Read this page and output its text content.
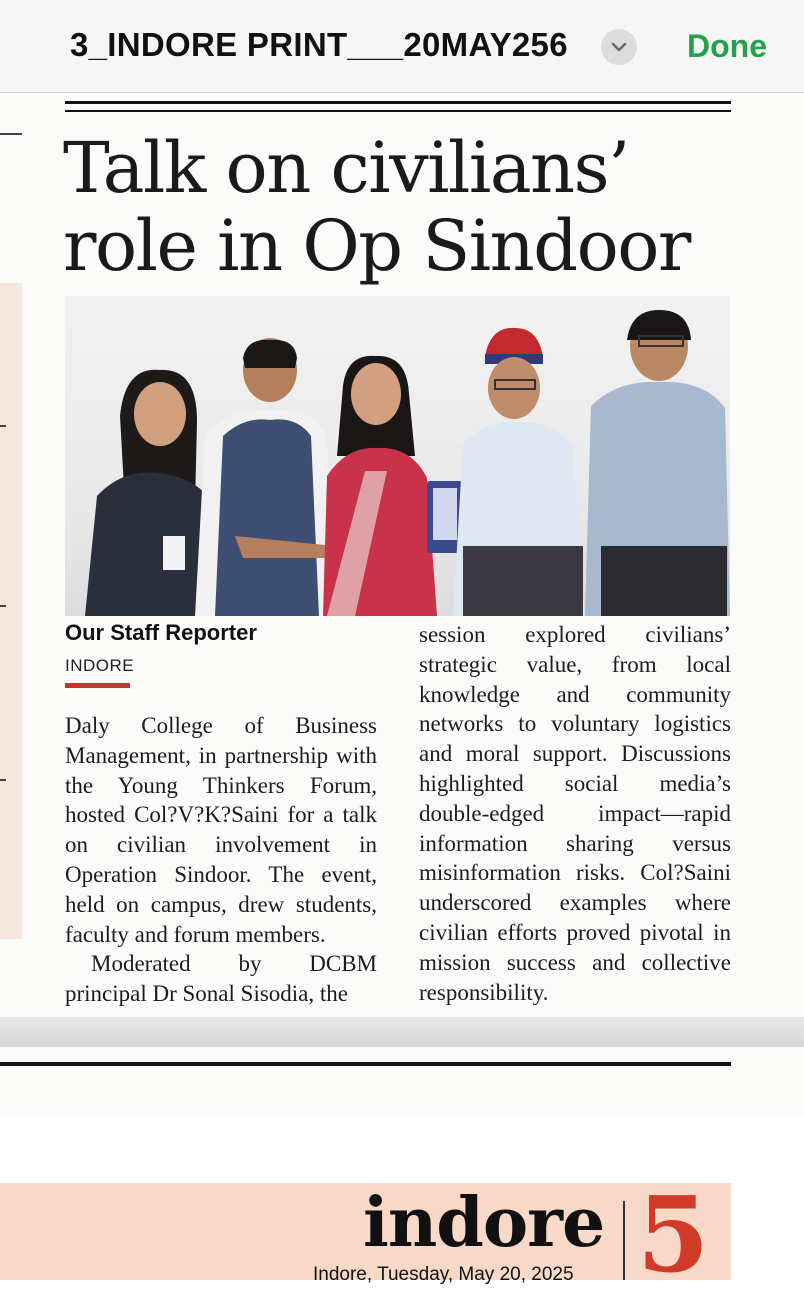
3_INDORE PRINT___20MAY256	Done
Talk on civilians’
role in Op Sindoor
Our Staff Reporter
INDORE

Daly College of Business Management, in partnership with the Young Thinkers Forum, hosted Col?V?K?Saini for a talk on civilian involvement in Operation Sindoor. The event, held on campus, drew students, faculty and forum members.

Moderated by DCBM principal Dr Sonal Sisodia, the

session explored civilians’ strategic value, from local knowledge and community networks to voluntary logistics and moral support. Discussions highlighted social media’s double-edged impact—rapid information sharing versus misinformation risks. Col?Saini underscored examples where civilian efforts proved pivotal in mission success and collective responsibility.

indore 5
Indore, Tuesday, May 20, 2025
